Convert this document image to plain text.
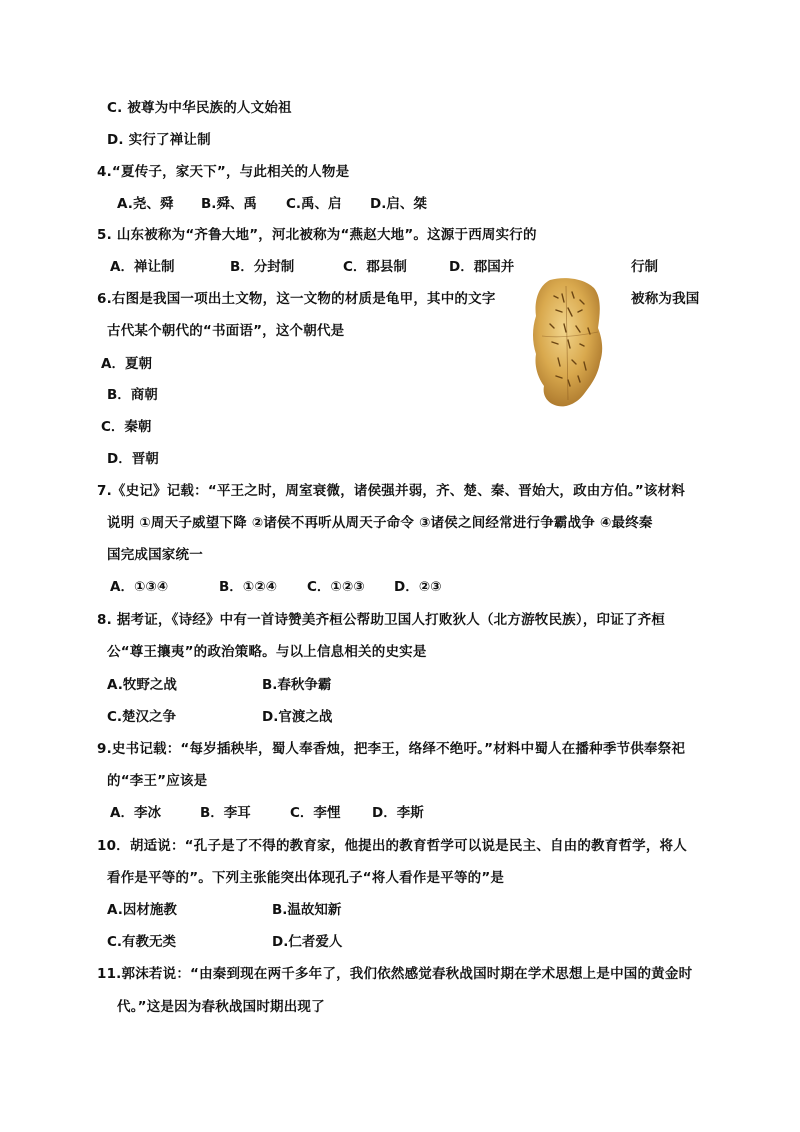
C. 被尊为中华民族的人文始祖
D. 实行了禅让制
4.“夏传子，家天下”，与此相关的人物是
A.尧、舜 B.舜、禹 C.禹、启 D.启、桀
5. 山东被称为“齐鲁大地”，河北被称为“燕赵大地”。这源于西周实行的
A．禅让制	B．分封制	C．郡县制	D．郡国并	行制
6.右图是我国一项出土文物，这一文物的材质是龟甲，其中的文字	被称为我国
古代某个朝代的“书面语”，这个朝代是
A．夏朝
B．商朝
C．秦朝
D．晋朝
7.《史记》记载：“平王之时，周室衰微，诸侯强并弱，齐、楚、秦、晋始大，政由方伯。”该材料
说明 ①周天子威望下降 ②诸侯不再听从周天子命令 ③诸侯之间经常进行争霸战争 ④最终秦
国完成国家统一
A．①③④	B．①②④ C．①②③ D．②③
8. 据考证，《诗经》中有一首诗赞美齐桓公帮助卫国人打败狄人（北方游牧民族），印证了齐桓
公“尊王攘夷”的政治策略。与以上信息相关的史实是
A.牧野之战	B.春秋争霸
C.楚汉之争	D.官渡之战
9.史书记载：“每岁插秧毕，蜀人奉香烛，把李王，络绎不绝吁。”材料中蜀人在播种季节供奉祭祀
的“李王”应该是
A．李冰	B．李耳	C．李悝 D．李斯
10．胡适说：“孔子是了不得的教育家，他提出的教育哲学可以说是民主、自由的教育哲学，将人
看作是平等的”。下列主张能突出体现孔子“将人看作是平等的”是
A.因材施教	B.温故知新
C.有教无类	D.仁者爱人
11.郭沫若说：“由秦到现在两千多年了，我们依然感觉春秋战国时期在学术思想上是中国的黄金时
代。”这是因为春秋战国时期出现了
